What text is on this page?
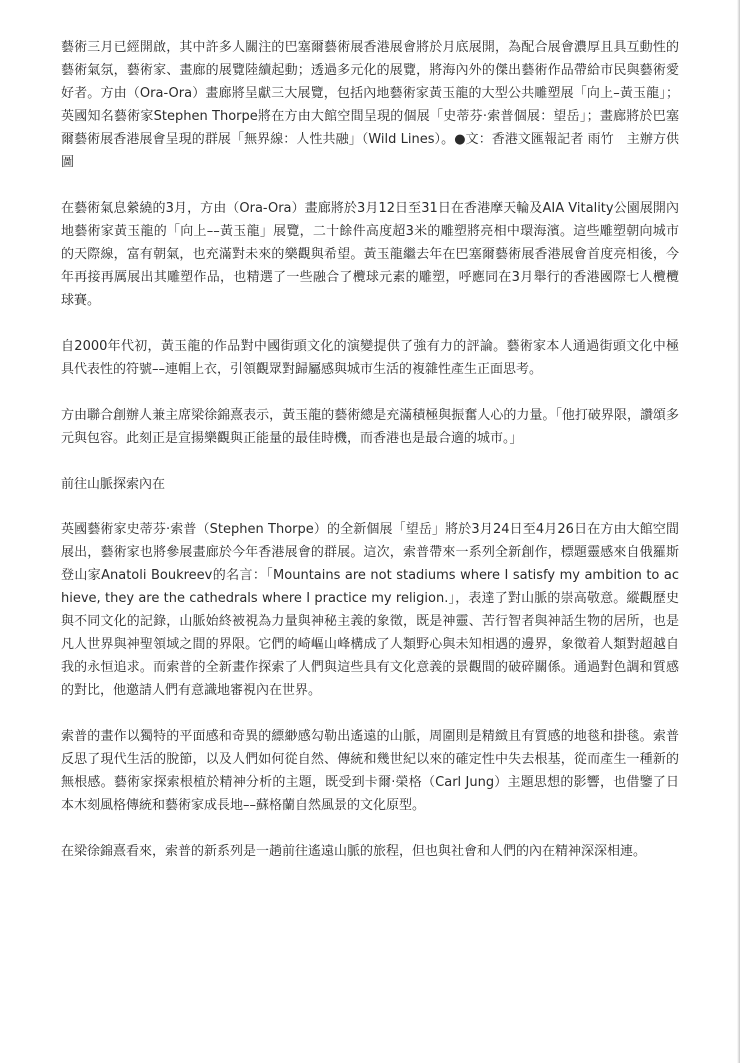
藝術三月已經開啟，其中許多人關注的巴塞爾藝術展香港展會將於月底展開，為配合展會濃厚且具互動性的藝術氣氛，藝術家、畫廊的展覽陸續起動；透過多元化的展覽，將海內外的傑出藝術作品帶給市民與藝術愛好者。方由（Ora-Ora）畫廊將呈獻三大展覽，包括內地藝術家黃玉龍的大型公共雕塑展「向上–黃玉龍」；英國知名藝術家Stephen Thorpe將在方由大館空間呈現的個展「史蒂芬·索普個展：望岳」；畫廊將於巴塞爾藝術展香港展會呈現的群展「無界線：人性共融」（Wild Lines）。●文：香港文匯報記者 雨竹　主辦方供圖

在藝術氣息縈繞的3月，方由（Ora-Ora）畫廊將於3月12日至31日在香港摩天輪及AIA Vitality公園展開內地藝術家黃玉龍的「向上––黃玉龍」展覽，二十餘件高度超3米的雕塑將亮相中環海濱。這些雕塑朝向城市的天際線，富有朝氣，也充滿對未來的樂觀與希望。黃玉龍繼去年在巴塞爾藝術展香港展會首度亮相後，今年再接再厲展出其雕塑作品，也精選了一些融合了欖球元素的雕塑，呼應同在3月舉行的香港國際七人欖欖球賽。

自2000年代初，黃玉龍的作品對中國街頭文化的演變提供了強有力的評論。藝術家本人通過街頭文化中極具代表性的符號––連帽上衣，引領觀眾對歸屬感與城市生活的複雜性產生正面思考。

方由聯合創辦人兼主席梁徐錦熹表示，黃玉龍的藝術總是充滿積極與振奮人心的力量。「他打破界限，讚頌多元與包容。此刻正是宣揚樂觀與正能量的最佳時機，而香港也是最合適的城市。」

前往山脈探索內在

英國藝術家史蒂芬·索普（Stephen Thorpe）的全新個展「望岳」將於3月24日至4月26日在方由大館空間展出，藝術家也將參展畫廊於今年香港展會的群展。這次，索普帶來一系列全新創作，標題靈感來自俄羅斯登山家Anatoli Boukreev的名言：「Mountains are not stadiums where I satisfy my ambition to achieve, they are the cathedrals where I practice my religion.」，表達了對山脈的崇高敬意。縱觀歷史與不同文化的記錄，山脈始終被視為力量與神秘主義的象徵，既是神靈、苦行智者與神話生物的居所，也是凡人世界與神聖領域之間的界限。它們的崎嶇山峰構成了人類野心與未知相遇的邊界，象徵着人類對超越自我的永恒追求。而索普的全新畫作探索了人們與這些具有文化意義的景觀間的破碎關係。通過對色調和質感的對比，他邀請人們有意識地審視內在世界。

索普的畫作以獨特的平面感和奇異的縹緲感勾勒出遙遠的山脈，周圍則是精緻且有質感的地毯和掛毯。索普反思了現代生活的脫節，以及人們如何從自然、傳統和幾世紀以來的確定性中失去根基，從而產生一種新的無根感。藝術家探索根植於精神分析的主題，既受到卡爾·榮格（Carl Jung）主題思想的影響，也借鑒了日本木刻風格傳統和藝術家成長地––蘇格蘭自然風景的文化原型。

在梁徐錦熹看來，索普的新系列是一趟前往遙遠山脈的旅程，但也與社會和人們的內在精神深深相連。
